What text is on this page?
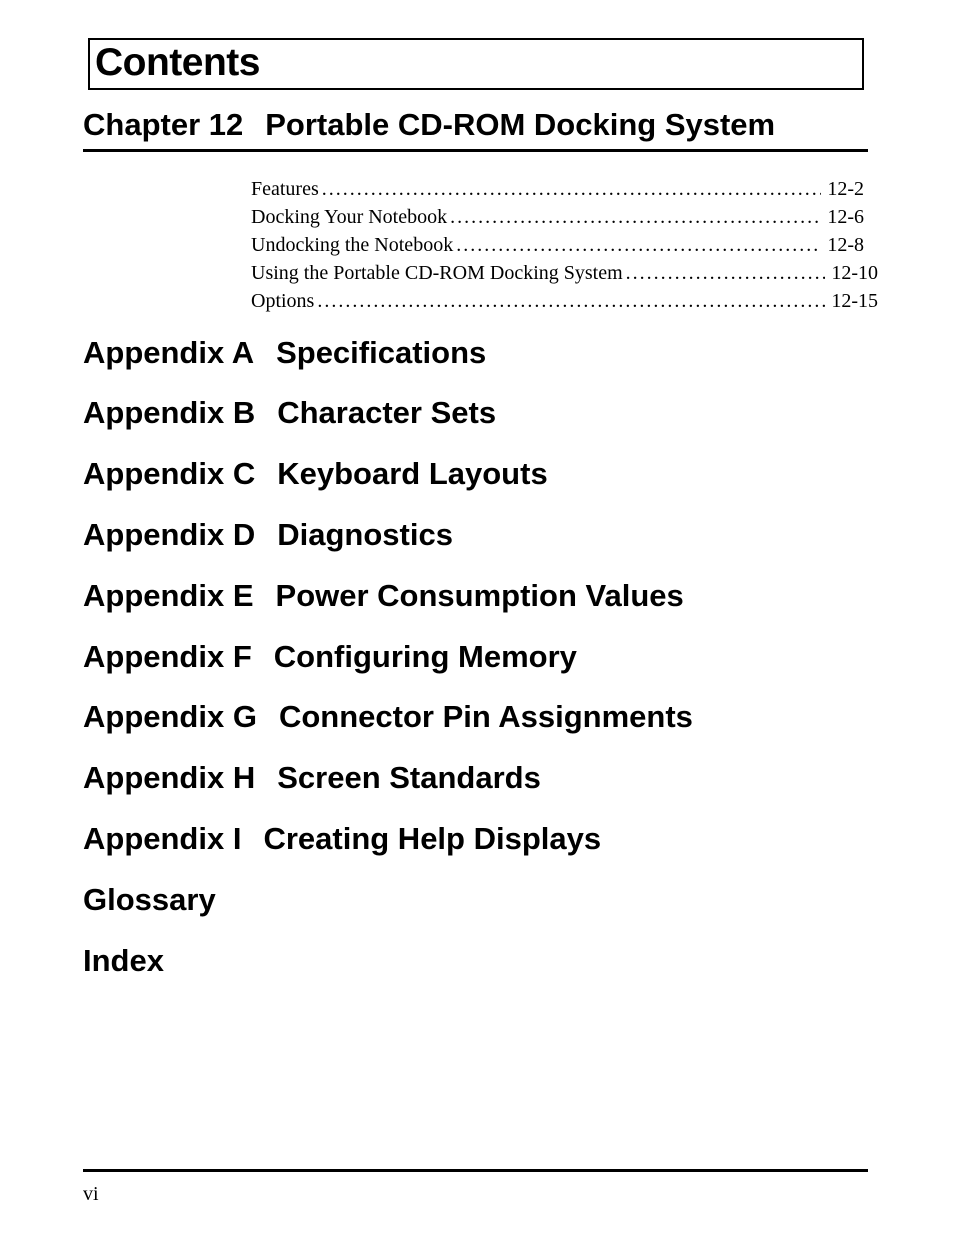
Contents
Chapter 12 Portable CD-ROM Docking System
Features .....	12-2
Docking Your Notebook .....	12-6
Undocking the Notebook .....	12-8
Using the Portable CD-ROM Docking System .....	12-10
Options .....	12-15
Appendix A Specifications
Appendix B Character Sets
Appendix C Keyboard Layouts
Appendix D Diagnostics
Appendix E Power Consumption Values
Appendix F Configuring Memory
Appendix G Connector Pin Assignments
Appendix H Screen Standards
Appendix I Creating Help Displays
Glossary
Index
vi
